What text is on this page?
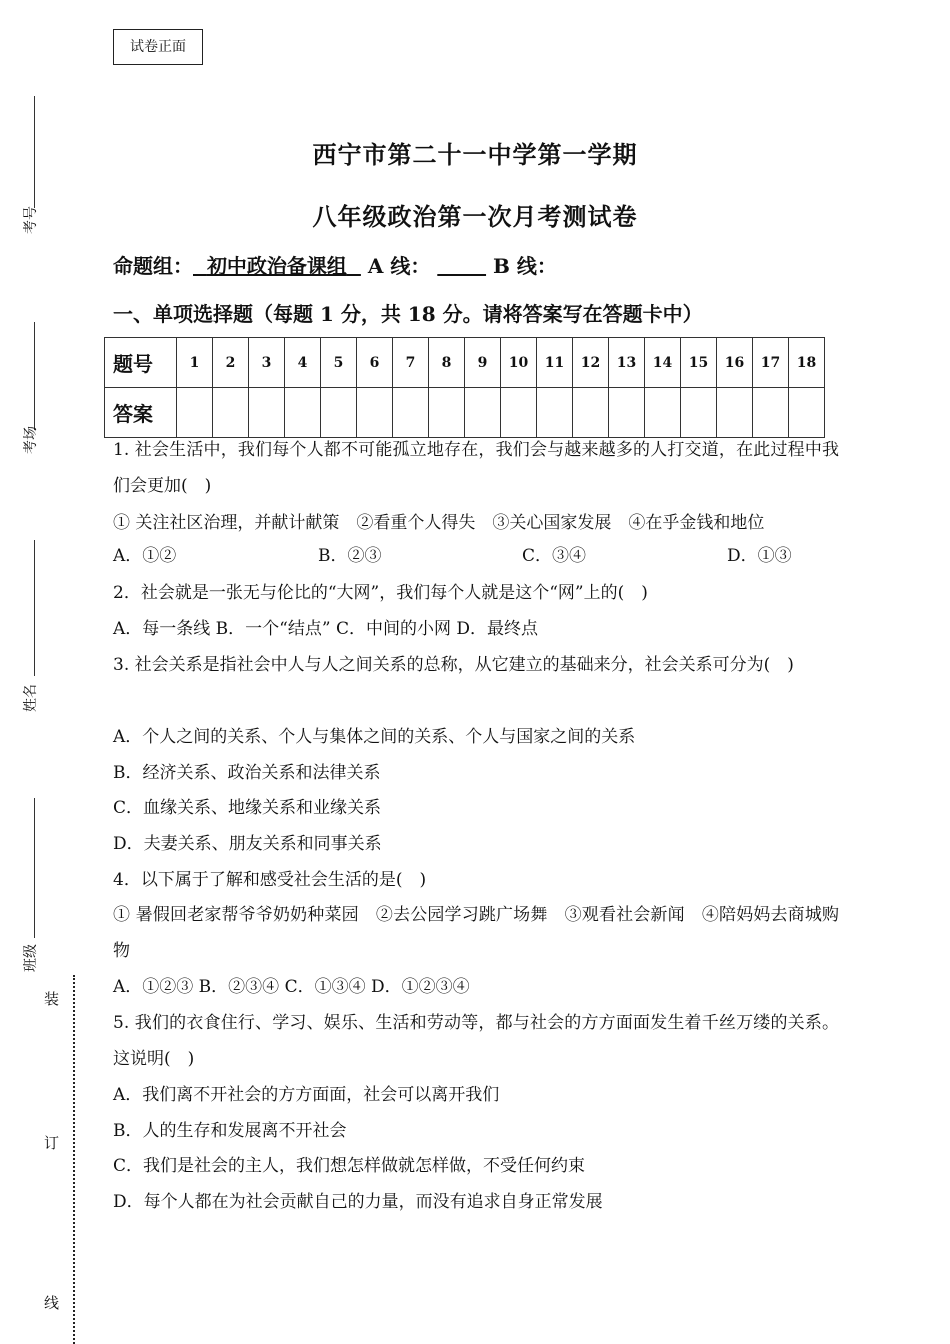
试卷正面
考号
考场
姓名
班级
装
订
线
西宁市第二十一中学第一学期
八年级政治第一次月考测试卷
命题组： 初中政治备课组 A 线：	B 线：
一、单项选择题（每题 1 分，共 18 分。请将答案写在答题卡中）
题号	1	2	3	4	5	6	7	8	9	10	11	12	13	14	15	16	17	18
答案																		
1. 社会生活中，我们每个人都不可能孤立地存在，我们会与越来越多的人打交道，在此过程中我们会更加(　)
① 关注社区治理，并献计献策　②看重个人得失　③关心国家发展　④在乎金钱和地位
A．①②	B．②③	C．③④	D．①③
2．社会就是一张无与伦比的“大网”，我们每个人就是这个“网”上的(　)
A．每一条线 B．一个“结点” C．中间的小网 D．最终点
3. 社会关系是指社会中人与人之间关系的总称，从它建立的基础来分，社会关系可分为(　)
A．个人之间的关系、个人与集体之间的关系、个人与国家之间的关系
B．经济关系、政治关系和法律关系
C．血缘关系、地缘关系和业缘关系
D．夫妻关系、朋友关系和同事关系
4．以下属于了解和感受社会生活的是(　)
① 暑假回老家帮爷爷奶奶种菜园　②去公园学习跳广场舞　③观看社会新闻　④陪妈妈去商城购物
A．①②③ B．②③④ C．①③④ D．①②③④
5. 我们的衣食住行、学习、娱乐、生活和劳动等，都与社会的方方面面发生着千丝万缕的关系。这说明(　)
A．我们离不开社会的方方面面，社会可以离开我们
B．人的生存和发展离不开社会
C．我们是社会的主人，我们想怎样做就怎样做，不受任何约束
D．每个人都在为社会贡献自己的力量，而没有追求自身正常发展
